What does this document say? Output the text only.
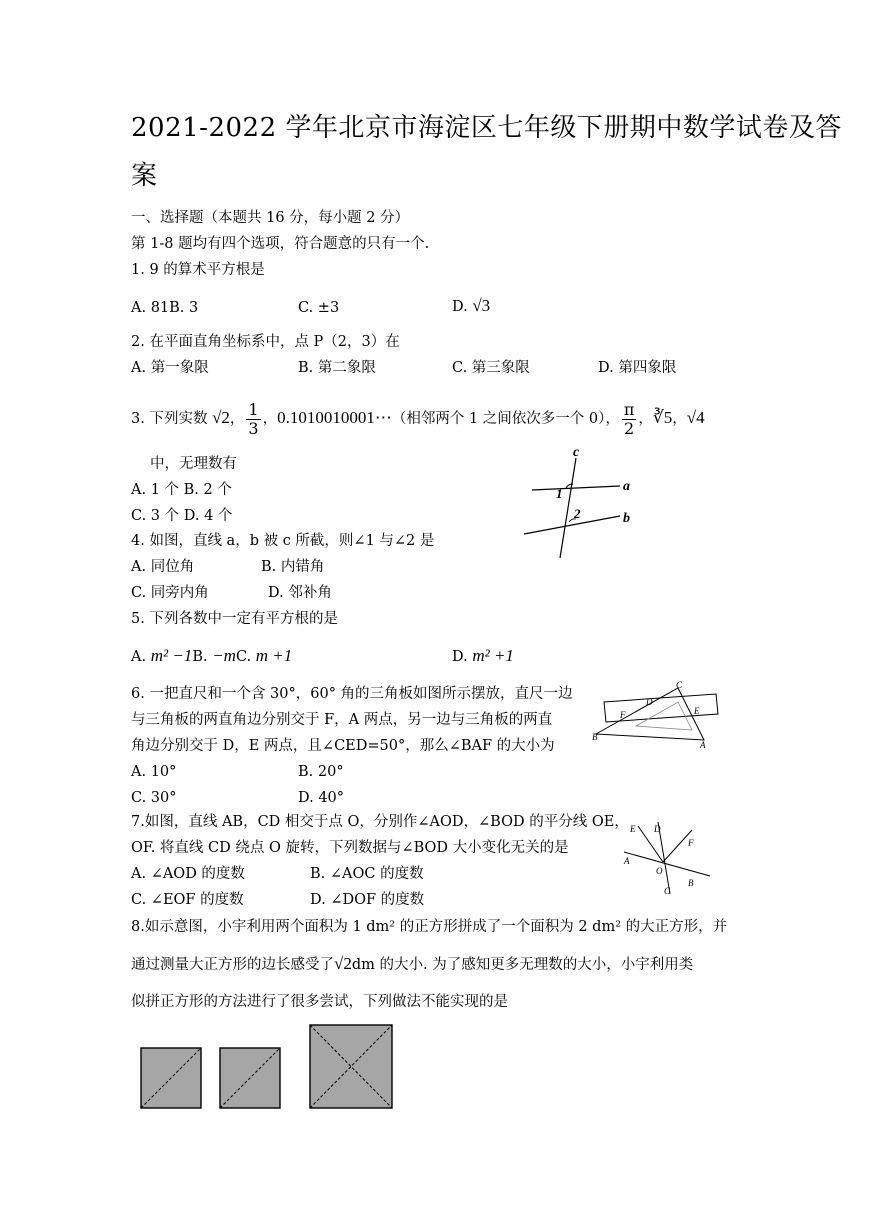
2021-2022 学年北京市海淀区七年级下册期中数学试卷及答
案
一、选择题（本题共 16 分，每小题 2 分）
第 1-8 题均有四个选项，符合题意的只有一个.
1. 9 的算术平方根是
A. 81B. 3	C. ±3	D. √3
2. 在平面直角坐标系中，点 P（2，3）在
A. 第一象限	B. 第二象限	C. 第三象限	D. 第四象限
3. 下列实数 √2， $\frac{1}{3}$ ，0.1010010001⋯（相邻两个 1 之间依次多一个 0）， $\frac{\pi}{2}$ ，∛5，√4
中，无理数有
A. 1 个 B. 2 个
C. 3 个 D. 4 个
c
a
b
1
2
4. 如图，直线 a，b 被 c 所截，则∠1 与∠2 是
A. 同位角	B. 内错角
C. 同旁内角	D. 邻补角
5. 下列各数中一定有平方根的是
A. m² −1B. −mC. m +1	D. m² +1
C
D
E
F
B
A
6. 一把直尺和一个含 30°，60° 角的三角板如图所示摆放，直尺一边
与三角板的两直角边分别交于 F，A 两点，另一边与三角板的两直
角边分别交于 D，E 两点，且∠CED=50°，那么∠BAF 的大小为
A. 10°	B. 20°
C. 30°	D. 40°
E D
F
A
O
C
B
7.如图，直线 AB，CD 相交于点 O，分别作∠AOD，∠BOD 的平分线 OE，
OF. 将直线 CD 绕点 O 旋转，下列数据与∠BOD 大小变化无关的是
A. ∠AOD 的度数	B. ∠AOC 的度数
C. ∠EOF 的度数	D. ∠DOF 的度数
8.如示意图，小宇利用两个面积为 1 dm² 的正方形拼成了一个面积为 2 dm² 的大正方形，并
通过测量大正方形的边长感受了√2dm 的大小. 为了感知更多无理数的大小，小宇利用类
似拼正方形的方法进行了很多尝试，下列做法不能实现的是
